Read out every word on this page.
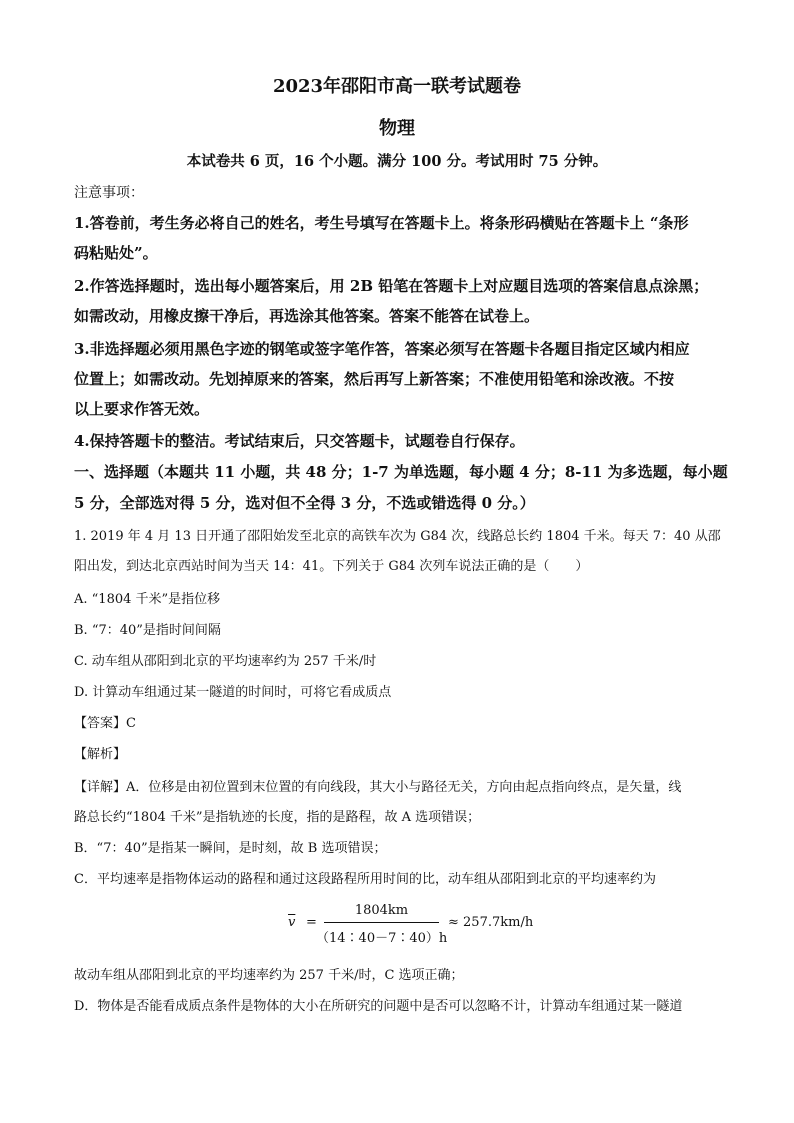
2023年邵阳市高一联考试题卷
物理
本试卷共 6 页，16 个小题。满分 100 分。考试用时 75 分钟。
注意事项：
1.答卷前，考生务必将自己的姓名，考生号填写在答题卡上。将条形码横贴在答题卡上 “条形
码粘贴处”。
2.作答选择题时，选出每小题答案后，用 2B 铅笔在答题卡上对应题目选项的答案信息点涂黑；
如需改动，用橡皮擦干净后，再选涂其他答案。答案不能答在试卷上。
3.非选择题必须用黑色字迹的钢笔或签字笔作答，答案必须写在答题卡各题目指定区域内相应
位置上；如需改动。先划掉原来的答案，然后再写上新答案；不准使用铅笔和涂改液。不按
以上要求作答无效。
4.保持答题卡的整洁。考试结束后，只交答题卡，试题卷自行保存。
一、选择题（本题共 11 小题，共 48 分；1-7 为单选题，每小题 4 分；8-11 为多选题，每小题
5 分，全部选对得 5 分，选对但不全得 3 分，不选或错选得 0 分。）
1. 2019 年 4 月 13 日开通了邵阳始发至北京的高铁车次为 G84 次，线路总长约 1804 千米。每天 7：40 从邵
阳出发，到达北京西站时间为当天 14：41。下列关于 G84 次列车说法正确的是（　　）
A. “1804 千米”是指位移
B. “7：40”是指时间间隔
C. 动车组从邵阳到北京的平均速率约为 257 千米/时
D. 计算动车组通过某一隧道的时间时，可将它看成质点
【答案】C
【解析】
【详解】A．位移是由初位置到末位置的有向线段，其大小与路径无关，方向由起点指向终点，是矢量，线
路总长约“1804 千米”是指轨迹的长度，指的是路程，故 A 选项错误；
B．“7：40”是指某一瞬间，是时刻，故 B 选项错误；
C．平均速率是指物体运动的路程和通过这段路程所用时间的比，动车组从邵阳到北京的平均速率约为
$\overline{v}$ =
1804km
（14∶40－7∶40）h
≈ 257.7km/h
故动车组从邵阳到北京的平均速率约为 257 千米/时，C 选项正确；
D．物体是否能看成质点条件是物体的大小在所研究的问题中是否可以忽略不计，计算动车组通过某一隧道
